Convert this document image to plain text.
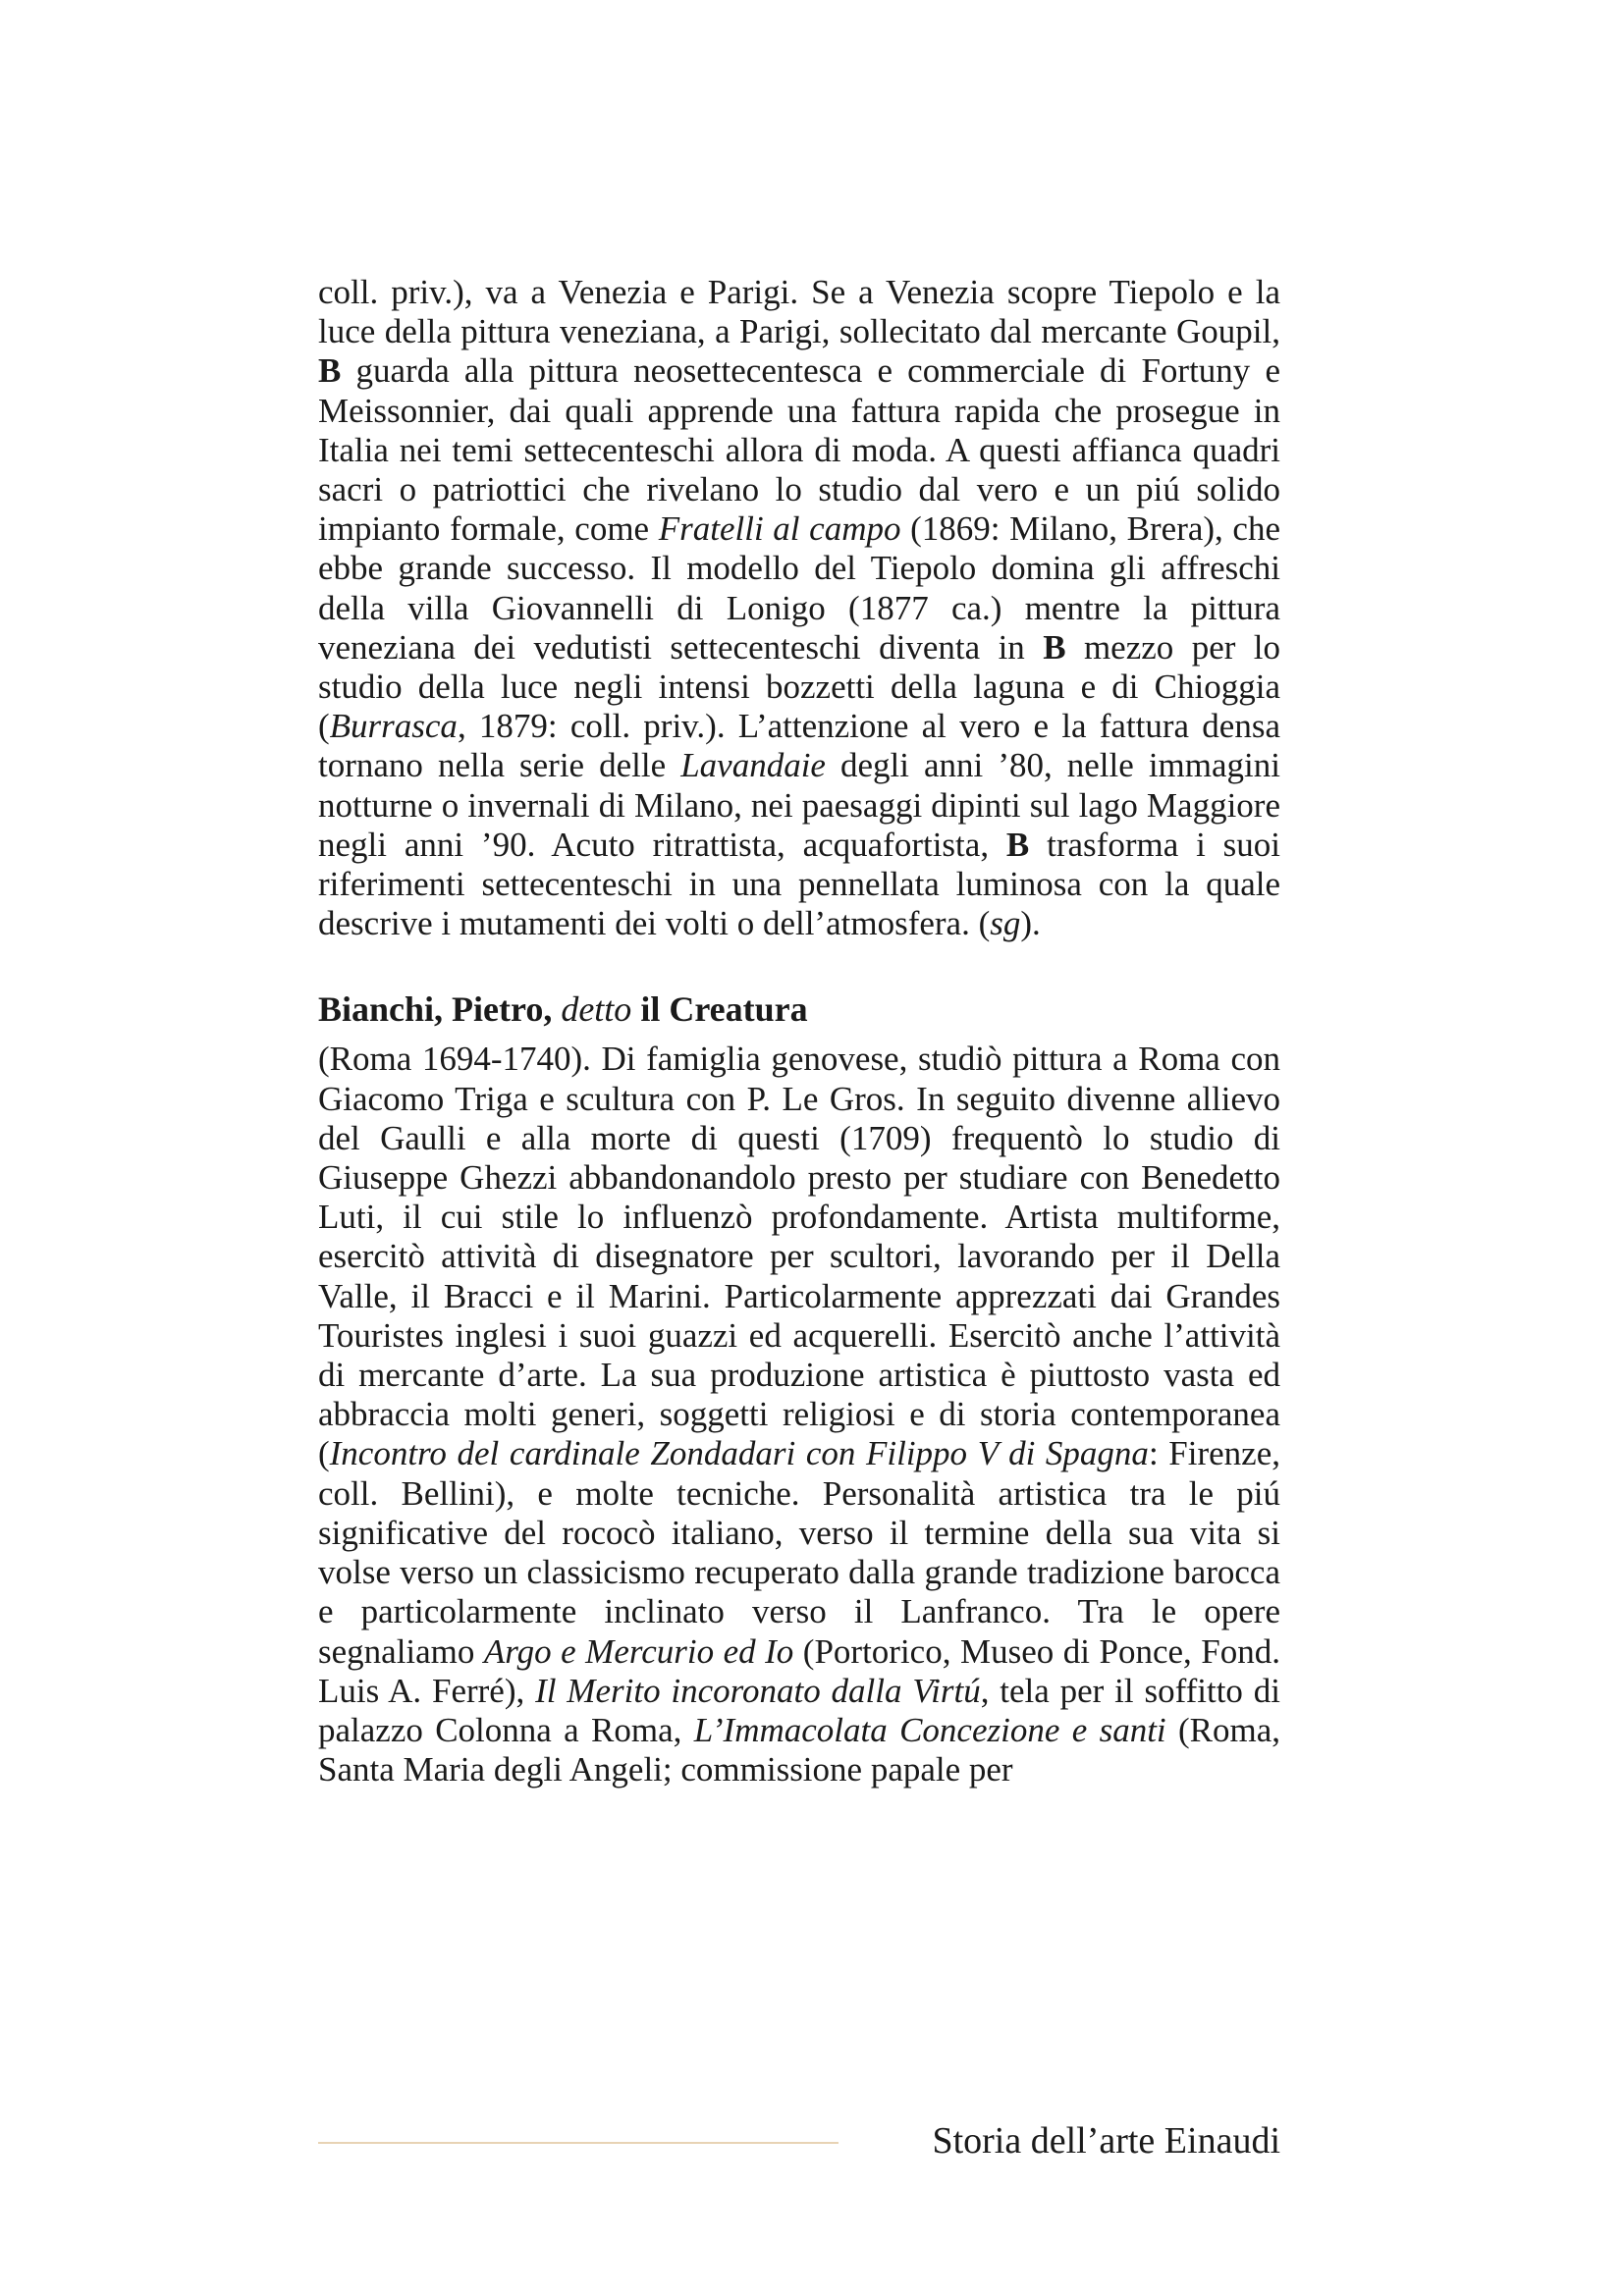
coll. priv.), va a Venezia e Parigi. Se a Venezia scopre Tiepolo e la luce della pittura veneziana, a Parigi, sollecitato dal mercante Goupil, B guarda alla pittura neosettecentesca e commerciale di Fortuny e Meissonnier, dai quali apprende una fattura rapida che prosegue in Italia nei temi settecenteschi allora di moda. A questi affianca quadri sacri o patriottici che rivelano lo studio dal vero e un piú solido impianto formale, come Fratelli al campo (1869: Milano, Brera), che ebbe grande successo. Il modello del Tiepolo domina gli affreschi della villa Giovannelli di Lonigo (1877 ca.) mentre la pittura veneziana dei vedutisti settecenteschi diventa in B mezzo per lo studio della luce negli intensi bozzetti della laguna e di Chioggia (Burrasca, 1879: coll. priv.). L’attenzione al vero e la fattura densa tornano nella serie delle Lavandaie degli anni ’80, nelle immagini notturne o invernali di Milano, nei paesaggi dipinti sul lago Maggiore negli anni ’90. Acuto ritrattista, acquafortista, B trasforma i suoi riferimenti settecenteschi in una pennellata luminosa con la quale descrive i mutamenti dei volti o dell’atmosfera. (sg).

Bianchi, Pietro, detto il Creatura

(Roma 1694-1740). Di famiglia genovese, studiò pittura a Roma con Giacomo Triga e scultura con P. Le Gros. In seguito divenne allievo del Gaulli e alla morte di questi (1709) frequentò lo studio di Giuseppe Ghezzi abbandonandolo presto per studiare con Benedetto Luti, il cui stile lo influenzò profondamente. Artista multiforme, esercitò attività di disegnatore per scultori, lavorando per il Della Valle, il Bracci e il Marini. Particolarmente apprezzati dai Grandes Touristes inglesi i suoi guazzi ed acquerelli. Esercitò anche l’attività di mercante d’arte. La sua produzione artistica è piuttosto vasta ed abbraccia molti generi, soggetti religiosi e di storia contemporanea (Incontro del cardinale Zondadari con Filippo V di Spagna: Firenze, coll. Bellini), e molte tecniche. Personalità artistica tra le piú significative del rococò italiano, verso il termine della sua vita si volse verso un classicismo recuperato dalla grande tradizione barocca e particolarmente inclinato verso il Lanfranco. Tra le opere segnaliamo Argo e Mercurio ed Io (Portorico, Museo di Ponce, Fond. Luis A. Ferré), Il Merito incoronato dalla Virtú, tela per il soffitto di palazzo Colonna a Roma, L’Immacolata Concezione e santi (Roma, Santa Maria degli Angeli; commissione papale per

Storia dell’arte Einaudi
